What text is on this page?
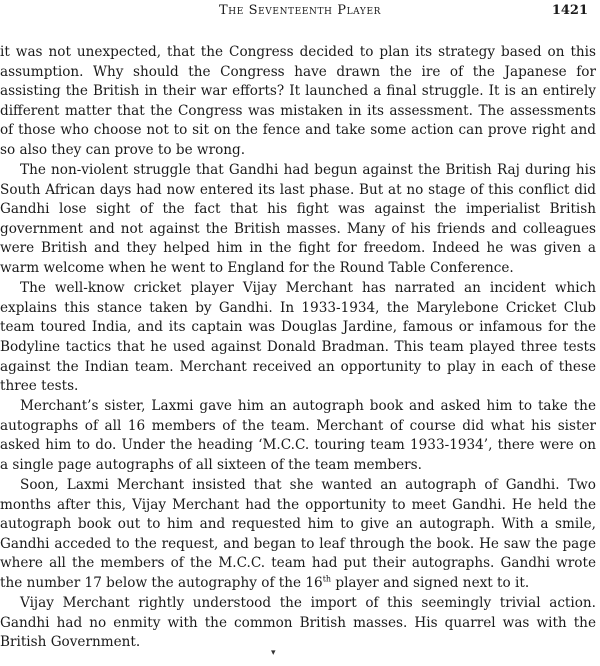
The Seventeenth Player	1421

it was not unexpected, that the Congress decided to plan its strategy based on this assumption. Why should the Congress have drawn the ire of the Japanese for assisting the British in their war efforts? It launched a final struggle. It is an entirely different matter that the Congress was mistaken in its assessment. The assessments of those who choose not to sit on the fence and take some action can prove right and so also they can prove to be wrong.

The non-violent struggle that Gandhi had begun against the British Raj during his South African days had now entered its last phase. But at no stage of this conflict did Gandhi lose sight of the fact that his fight was against the imperialist British government and not against the British masses. Many of his friends and colleagues were British and they helped him in the fight for freedom. Indeed he was given a warm welcome when he went to England for the Round Table Conference.

The well-know cricket player Vijay Merchant has narrated an incident which explains this stance taken by Gandhi. In 1933-1934, the Marylebone Cricket Club team toured India, and its captain was Douglas Jardine, famous or infamous for the Bodyline tactics that he used against Donald Bradman. This team played three tests against the Indian team. Merchant received an opportunity to play in each of these three tests.

Merchant’s sister, Laxmi gave him an autograph book and asked him to take the autographs of all 16 members of the team. Merchant of course did what his sister asked him to do. Under the heading ‘M.C.C. touring team 1933-1934’, there were on a single page autographs of all sixteen of the team members.

Soon, Laxmi Merchant insisted that she wanted an autograph of Gandhi. Two months after this, Vijay Merchant had the opportunity to meet Gandhi. He held the autograph book out to him and requested him to give an autograph. With a smile, Gandhi acceded to the request, and began to leaf through the book. He saw the page where all the members of the M.C.C. team had put their autographs. Gandhi wrote the number 17 below the autography of the 16th player and signed next to it.

Vijay Merchant rightly understood the import of this seemingly trivial action. Gandhi had no enmity with the common British masses. His quarrel was with the British Government.

▾
